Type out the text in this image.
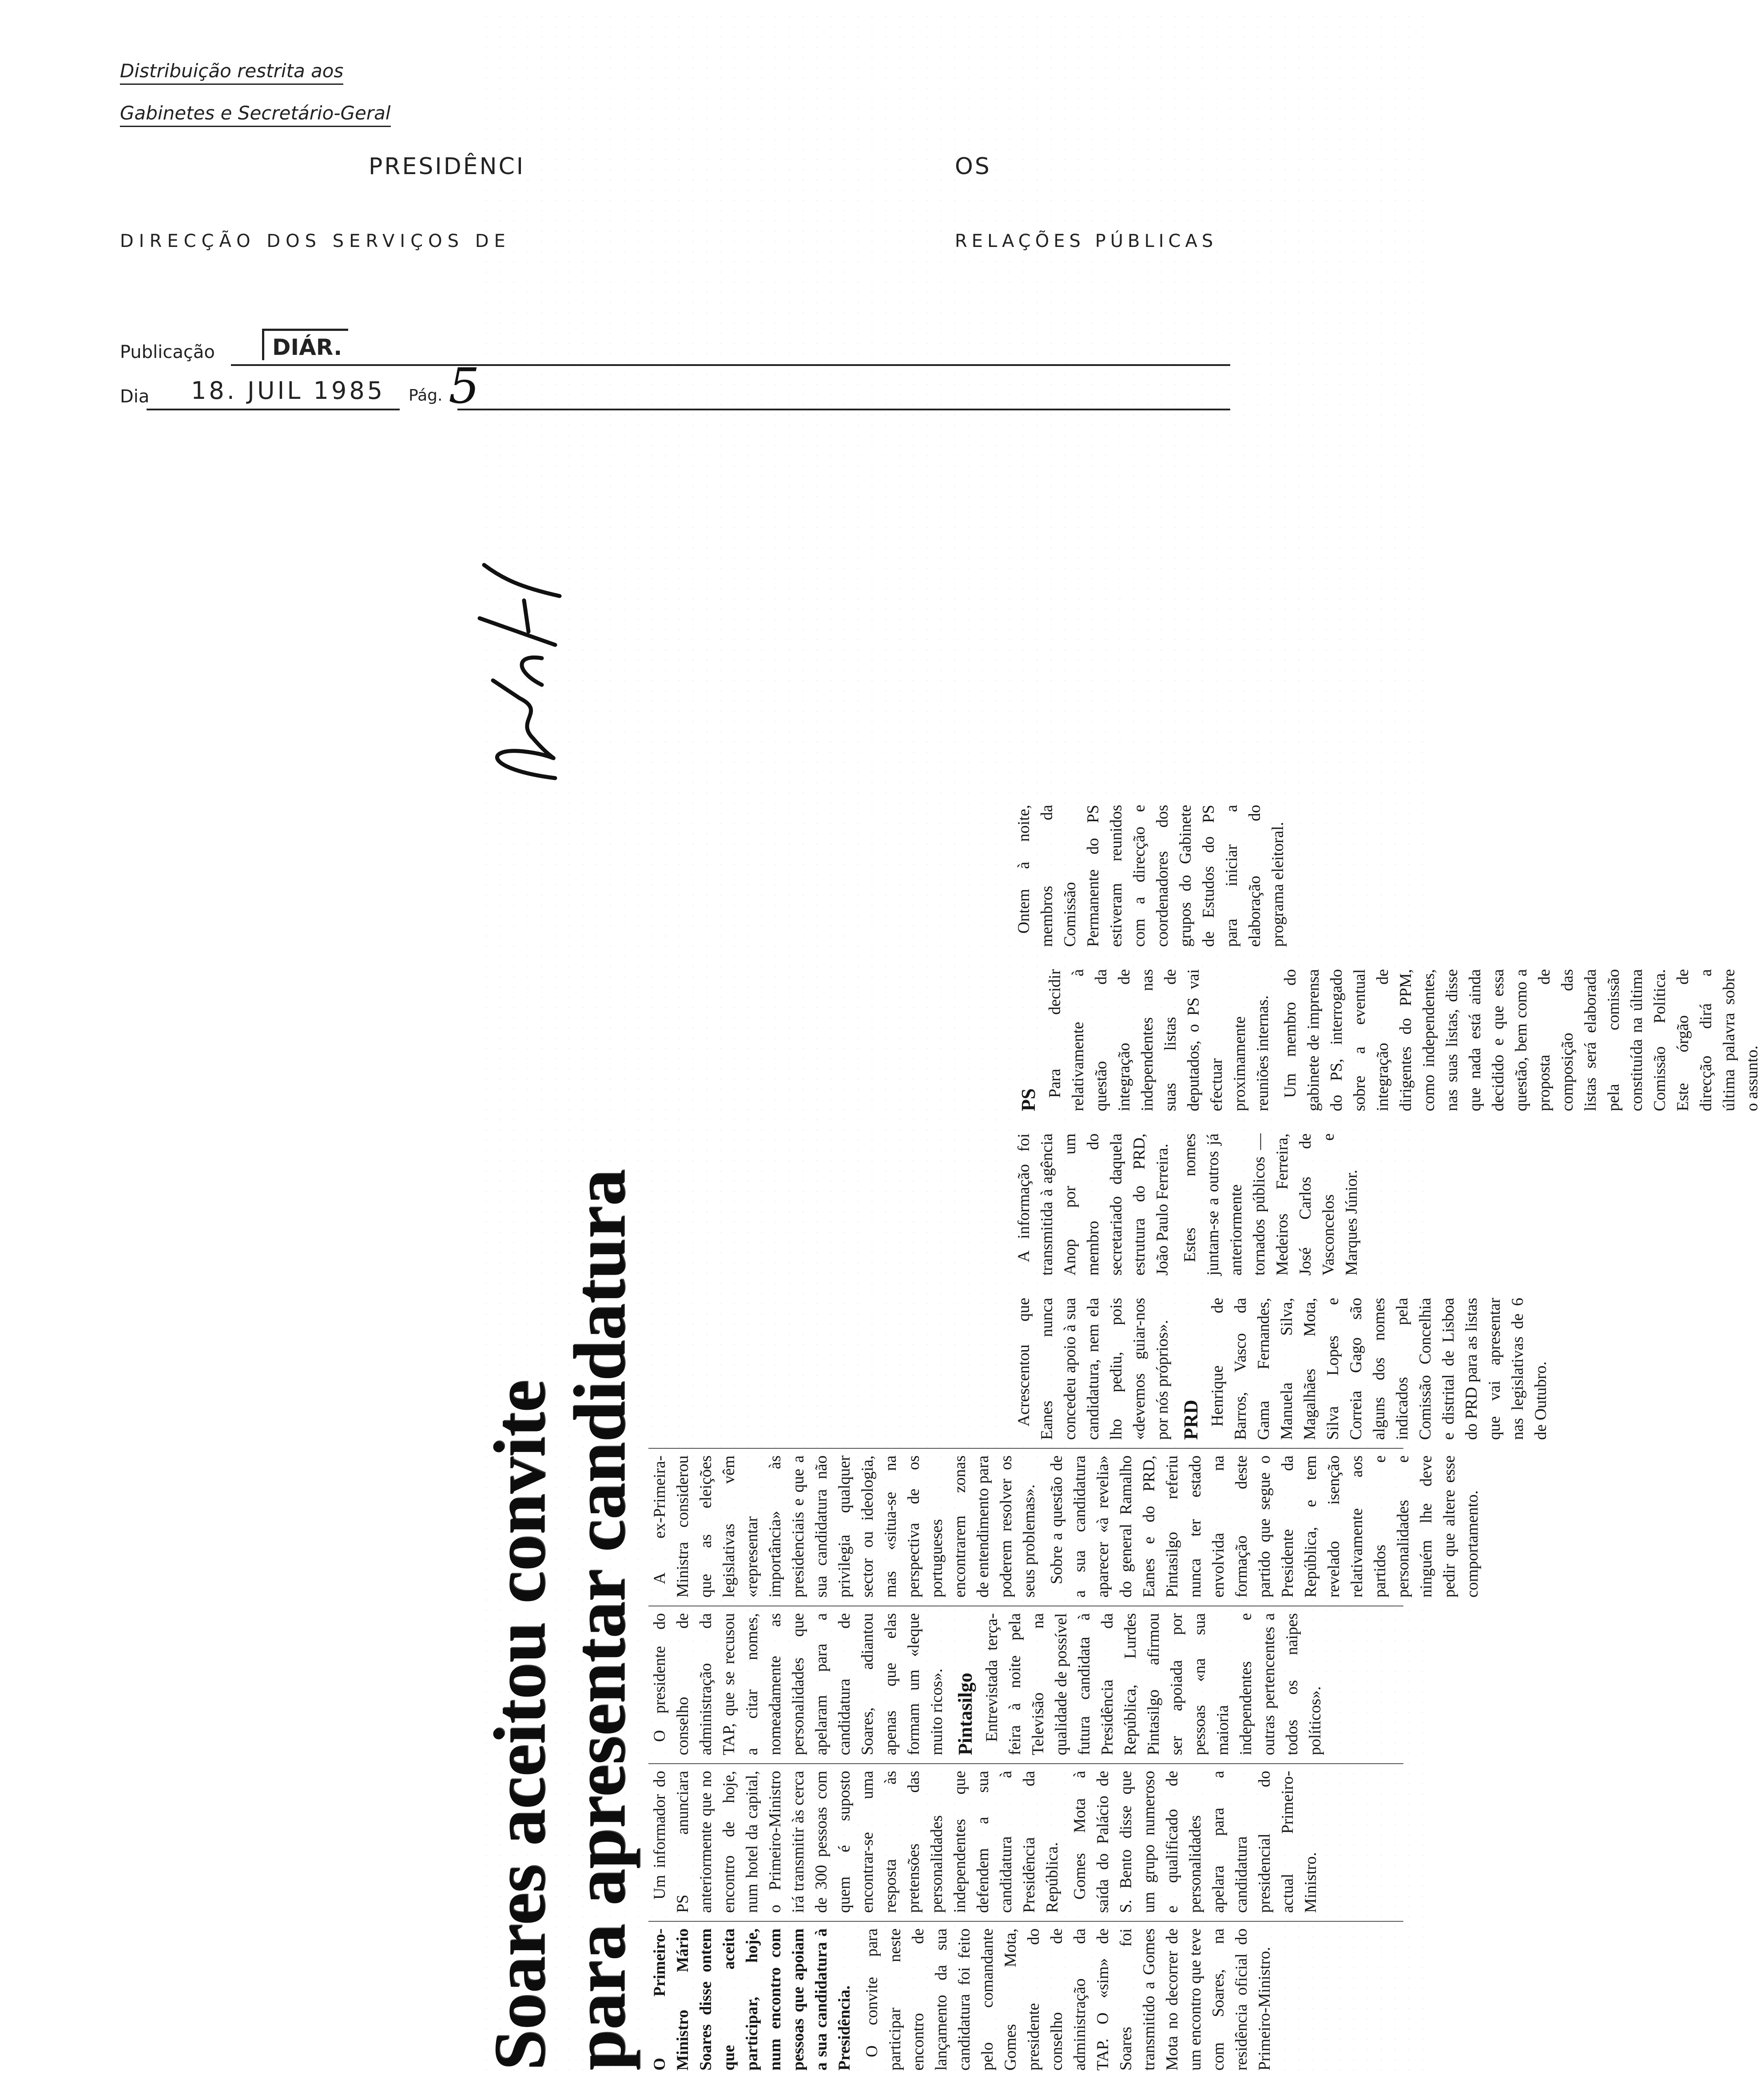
Distribuição restrita aos
Gabinetes e Secretário-Geral
PRESIDÊNCI	OS
DIRECÇÃO DOS SERVIÇOS DE	RELAÇÕES PÚBLICAS
Publicação	DIÁR.
Dia 18. JUIL 1985 Pág. 5
Soares aceitou convite
para apresentar candidatura O Primeiro-Ministro Mário Soares disse ontem que aceita participar, hoje, num encontro com pessoas que apoiam a sua candidatura à Presidência. O convite para participar neste encontro de lançamento da sua candidatura foi feito pelo comandante Gomes Mota, presidente do conselho de administração da TAP. O «sim» de Soares foi transmitido a Gomes Mota no decorrer de um encontro que teve com Soares, na residência oficial do Primeiro-Ministro.

Um informador do PS anunciara anteriormente que no encontro de hoje, num hotel da capital, o Primeiro-Ministro irá transmitir às cerca de 300 pessoas com quem é suposto encontrar-se uma resposta às pretensões das personalidades independentes que defendem a sua candidatura à Presidência da República. Gomes Mota à saída do Palácio de S. Bento disse que um grupo numeroso e qualificado de personalidades apelara para a candidatura presidencial do actual Primeiro-Ministro.

O presidente do conselho de administração da TAP, que se recusou a citar nomes, nomeadamente as personalidades que apelaram para a candidatura de Soares, adiantou apenas que elas formam um «leque muito ricos». Pintasilgo Entrevistada terça-feira à noite pela Televisão na qualidade de possível futura candidata à Presidência da República, Lurdes Pintasilgo afirmou ser apoiada por pessoas «na sua maioria independentes e outras pertencentes a todos os naipes políticos».

A ex-Primeira-Ministra considerou que as eleições legislativas vêm «representar importância» às presidenciais e que a sua candidatura não privilegia qualquer sector ou ideologia, mas «situa-se na perspectiva de os portugueses encontrarem zonas de entendimento para poderem resolver os seus problemas». Sobre a questão de a sua candidatura aparecer «à revelia» do general Ramalho Eanes e do PRD, Pintasilgo referiu nunca ter estado envolvida na formação deste partido que segue o Presidente da República, e tem revelado isenção relativamente aos partidos e personalidades e ninguém lhe deve pedir que altere esse comportamento.

Acrescentou que Eanes nunca concedeu apoio à sua candidatura, nem ela lho pediu, pois «devemos guiar-nos por nós próprios». PRD Henrique de Barros, Vasco da Gama Fernandes, Manuela Silva, Magalhães Mota, Silva Lopes e Correia Gago são alguns dos nomes indicados pela Comissão Concelhia e distrital de Lisboa do PRD para as listas que vai apresentar nas legislativas de 6 de Outubro.

A informação foi transmitida à agência Anop por um membro do secretariado daquela estrutura do PRD, João Paulo Ferreira. Estes nomes juntam-se a outros já anteriormente tornados públicos — Medeiros Ferreira, José Carlos de Vasconcelos e Marques Júnior.

PS

Para decidir relativamente à questão da integração de independentes nas suas listas de deputados, o PS vai efectuar proximamente reuniões internas. Um membro do gabinete de imprensa do PS, interrogado sobre a eventual integração de dirigentes do PPM, como independentes, nas suas listas, disse que nada está ainda decidido e que essa questão, bem como a proposta de composição das listas será elaborada pela comissão constituída na última Comissão Política. Este órgão de direcção dirá a última palavra sobre o assunto.

Ontem à noite, membros da Comissão Permanente do PS estiveram reunidos com a direcção e coordenadores dos grupos do Gabinete de Estudos do PS para iniciar a elaboração do programa eleitoral.
